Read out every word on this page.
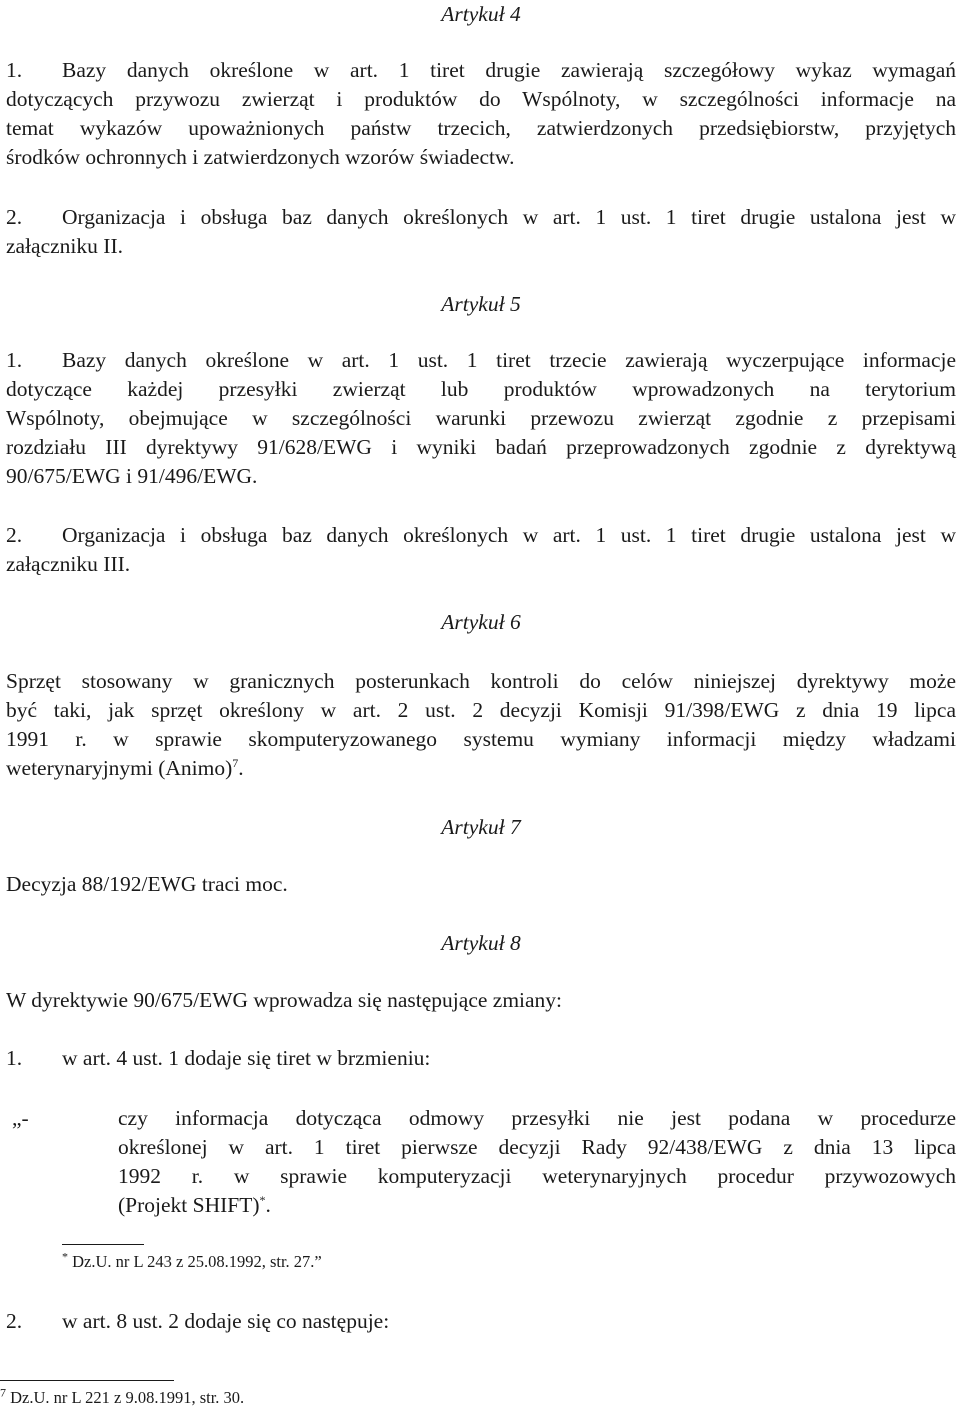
Artykuł 4
1. Bazy danych określone w art. 1 tiret drugie zawierają szczegółowy wykaz wymagań
dotyczących przywozu zwierząt i produktów do Wspólnoty, w szczególności informacje na
temat wykazów upoważnionych państw trzecich, zatwierdzonych przedsiębiorstw, przyjętych
środków ochronnych i zatwierdzonych wzorów świadectw.
2. Organizacja i obsługa baz danych określonych w art. 1 ust. 1 tiret drugie ustalona jest w
załączniku II.
Artykuł 5
1. Bazy danych określone w art. 1 ust. 1 tiret trzecie zawierają wyczerpujące informacje
dotyczące każdej przesyłki zwierząt lub produktów wprowadzonych na terytorium
Wspólnoty, obejmujące w szczególności warunki przewozu zwierząt zgodnie z przepisami
rozdziału III dyrektywy 91/628/EWG i wyniki badań przeprowadzonych zgodnie z dyrektywą
90/675/EWG i 91/496/EWG.
2. Organizacja i obsługa baz danych określonych w art. 1 ust. 1 tiret drugie ustalona jest w
załączniku III.
Artykuł 6
Sprzęt stosowany w granicznych posterunkach kontroli do celów niniejszej dyrektywy może
być taki, jak sprzęt określony w art. 2 ust. 2 decyzji Komisji 91/398/EWG z dnia 19 lipca
1991 r. w sprawie skomputeryzowanego systemu wymiany informacji między władzami
weterynaryjnymi (Animo)$^7$.
Artykuł 7
Decyzja 88/192/EWG traci moc.
Artykuł 8
W dyrektywie 90/675/EWG wprowadza się następujące zmiany:
1. w art. 4 ust. 1 dodaje się tiret w brzmieniu:
„-	czy informacja dotycząca odmowy przesyłki nie jest podana w procedurze
określonej w art. 1 tiret pierwsze decyzji Rady 92/438/EWG z dnia 13 lipca
1992 r. w sprawie komputeryzacji weterynaryjnych procedur przywozowych
(Projekt SHIFT)*.
* Dz.U. nr L 243 z 25.08.1992, str. 27.”
2. w art. 8 ust. 2 dodaje się co następuje:
$^7$ Dz.U. nr L 221 z 9.08.1991, str. 30.
